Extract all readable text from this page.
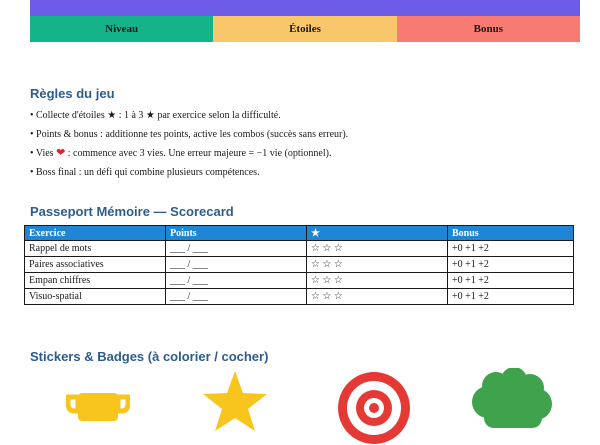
Niveau	Étoiles	Bonus
Règles du jeu
• Collecte d'étoiles ★ : 1 à 3 ★ par exercice selon la difficulté.
• Points & bonus : additionne tes points, active les combos (succès sans erreur).
• Vies ❤ : commence avec 3 vies. Une erreur majeure = −1 vie (optionnel).
• Boss final : un défi qui combine plusieurs compétences.
Passeport Mémoire — Scorecard
Exercice	Points	★	Bonus
Rappel de mots	___ / ___	☆ ☆ ☆	+0 +1 +2
Paires associatives	___ / ___	☆ ☆ ☆	+0 +1 +2
Empan chiffres	___ / ___	☆ ☆ ☆	+0 +1 +2
Visuo-spatial	___ / ___	☆ ☆ ☆	+0 +1 +2
Stickers & Badges (à colorier / cocher)
